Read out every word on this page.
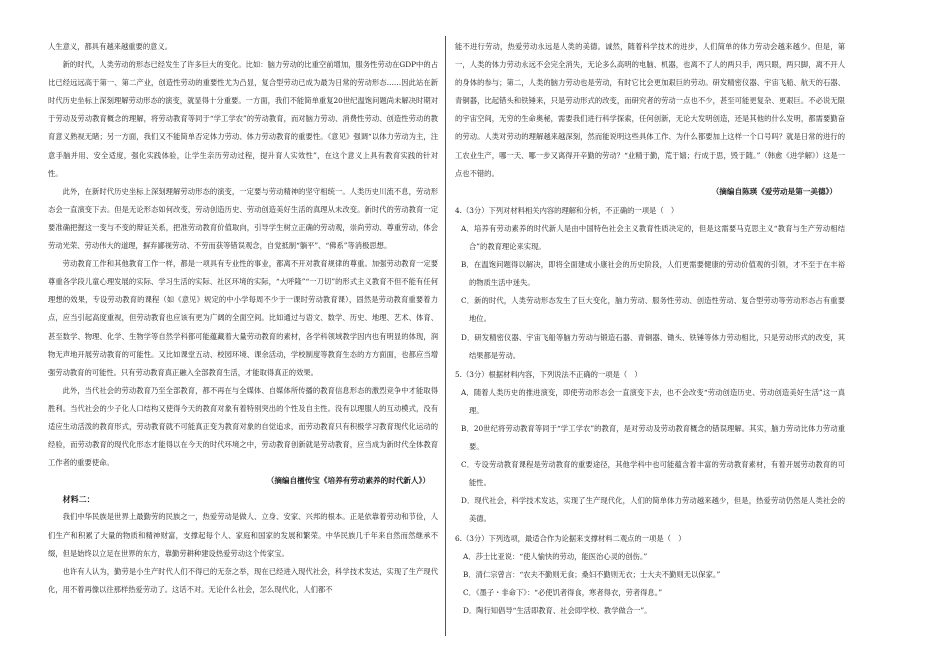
人生意义，都具有越来越重要的意义。

新的时代，人类劳动的形态已经发生了许多巨大的变化。比如：脑力劳动的比重空前增加，服务性劳动在GDP中的占比已经远远高于第一、第二产业，创造性劳动的重要性尤为凸显，复合型劳动已成为最为日常的劳动形态……因此站在新时代历史坐标上深刻理解劳动形态的演变，就显得十分重要。一方面，我们不能简单重复20世纪温饱问题尚未解决时期对于劳动及劳动教育概念的理解，将劳动教育等同于“学工学农”的劳动教育，而对脑力劳动、消费性劳动、创造性劳动的教育意义熟视无睹；另一方面，我们又不能简单否定体力劳动、体力劳动教育的重要性。《意见》强调“以体力劳动为主，注意手脑并用、安全适度，强化实践体验，让学生亲历劳动过程，提升育人实效性”，在这个意义上具有教育实践的针对性。

此外，在新时代历史坐标上深刻理解劳动形态的演变，一定要与劳动精神的坚守相统一。人类历史川流不息，劳动形态会一直演变下去。但是无论形态如何改变，劳动创造历史、劳动创造美好生活的真理从未改变。新时代的劳动教育一定要准确把握这一变与不变的辩证关系，把准劳动教育价值取向，引导学生树立正确的劳动观，崇尚劳动、尊重劳动，体会劳动光荣、劳动伟大的道理，摒弃鄙视劳动、不劳而获等错误观念，自觉抵制“躺平”、“佛系”等消极思想。

劳动教育工作和其他教育工作一样，都是一项具有专业性的事业，都离不开对教育规律的尊重。加强劳动教育一定要尊重各学段儿童心理发展的实际、学习生活的实际、社区环境的实际，“大呼隆”“一刀切”的形式主义教育不但不能有任何理想的效果，专设劳动教育的课程（如《意见》规定的中小学每周不少于一课时劳动教育课），固然是劳动教育重要着力点，应当引起高度重视，但劳动教育也应该有更为广阔的全面空间。比如通过与语文、数学、历史、地理、艺术、体育、甚至数学、物理、化学、生物学等自然学科都可能蕴藏着大量劳动教育的素材，各学科领域教学因内也有明显的体现，润物无声地开展劳动教育的可能性。又比如课堂五动、校园环境、课余活动，学校制度等教育生态的方方面面，也都应当增强劳动教育的可能性。只有劳动教育真正融入全部教育生活，才能取得真正的效果。

此外，当代社会的劳动教育乃至全部教育，都不再在与全媒体、自媒体所传播的教育信息形态的激烈竞争中才能取得胜利。当代社会的少子化人口结构又使得今天的教育对象有着特别突出的个性及自主性。没有以理服人的互动模式，没有适应生动活泼的教育形式，劳动教育就不可能真正变为教育对象的自觉追求，而劳动教育只有积极学习教育现代化运动的经验，而劳动教育的现代化形态才能得以在今天的时代环境之中，劳动教育创新就是劳动教育，应当成为新时代全体教育工作者的重要使命。

（摘编自檀传宝《培养有劳动素养的时代新人》）

材料二：

我们中华民族是世界上最勤劳的民族之一，热爱劳动是做人、立身、安家、兴邦的根本。正是依靠着劳动和节俭，人们生产和积累了大量的物质和精神财富，支撑起每个人、家庭和国家的发展和繁荣。中华民族几千年来自然而然继承不缀，但是始终以立足在世界的东方，靠勤劳耕种建设热爱劳动这个传家宝。

也许有人认为，勤劳是小生产时代人们不得已的无奈之举，现在已经进入现代社会，科学技术发达，实现了生产现代化，用不着再像以往那样热爱劳动了。这话不对。无论什么社会，怎么现代化，人们都不

能不进行劳动，热爱劳动永远是人类的美德。诚然，随着科学技术的进步，人们简单的体力劳动会越来越少。但是，第一，人类的体力劳动永远不会完全消失，无论多么高明的电脑、机器，也离不了人的两只手，两只眼，两只脚，离不开人的身体的参与；第二，人类的脑力劳动也是劳动，有时它比会更加艰巨的劳动。研发精密仪器、宇宙飞船、航天的石器、青铜器，比起错头和铁锤来，只是劳动形式的改变，而研究者的劳动一点也不少，甚至可能更复杂、更艰巨。不必说无限的宇宙空间，无穷的生命奥秘，需要我们进行科学探索，任何创新，无论大发明创造，还是其他的什么发明，都需要勤奋的劳动。人类对劳动的理解越来越深刻，然而能说明这些具体工作、为什么都要加上这样一个口号吗？就是日常的进行的工农业生产，哪一天、哪一步又离得开辛勤的劳动？“业精于勤，荒于嬉；行成于思，毁于随。”（韩愈《进学解》）这是一点也不错的。

（摘编自陈瑛《爱劳动是第一美德》）

4.（3分）下列对材料相关内容的理解和分析，不正确的一项是（　）

A．培养有劳动素养的时代新人是由中国特色社会主义教育性质决定的，但是这需要马克思主义“教育与生产劳动相结合”的教育理论来实现。

B．在温饱问题得以解决，即将全面建成小康社会的历史阶段，人们更需要健康的劳动价值观的引领，才不至于在丰裕的物质生活中迷失。

C．新的时代，人类劳动形态发生了巨大变化，脑力劳动、服务性劳动、创造性劳动、复合型劳动等劳动形态占有重要地位。

D．研发精密仪器、宇宙飞船等脑力劳动与锻造石器、青铜器、锄头、铁锤等体力劳动相比，只是劳动形式的改变，其结果都是劳动。

5.（3分）根据材料内容，下列说法不正确的一项是（　）

A．随着人类历史的推进演变，即使劳动形态会一直演变下去，也不会改变“劳动创造历史、劳动创造美好生活”这一真理。

B．20世纪将劳动教育等同于“学工学农”的教育，是对劳动及劳动教育概念的错误理解。其实，脑力劳动比体力劳动重要。

C．专设劳动教育课程是劳动教育的重要途径，其他学科中也可能蕴含着丰富的劳动教育素材，有着开展劳动教育的可能性。

D．现代社会，科学技术发达，实现了生产现代化，人们的简单体力劳动越来越少，但是，热爱劳动仍然是人类社会的美德。

6.（3分）下列选项，最适合作为论据来支撑材料二观点的一项是（　）

A．莎士比亚说：“使人愉快的劳动，能医治心灵的创伤。”

B．清仁宗曾言：“农夫不勤则无食；桑妇不勤则无衣；士大夫不勤则无以保家。”

C．《墨子・非命下》：“必使饥者得食，寒者得衣，劳者得息。”

D．陶行知倡导“生活即教育、社会即学校、教学做合一”。
